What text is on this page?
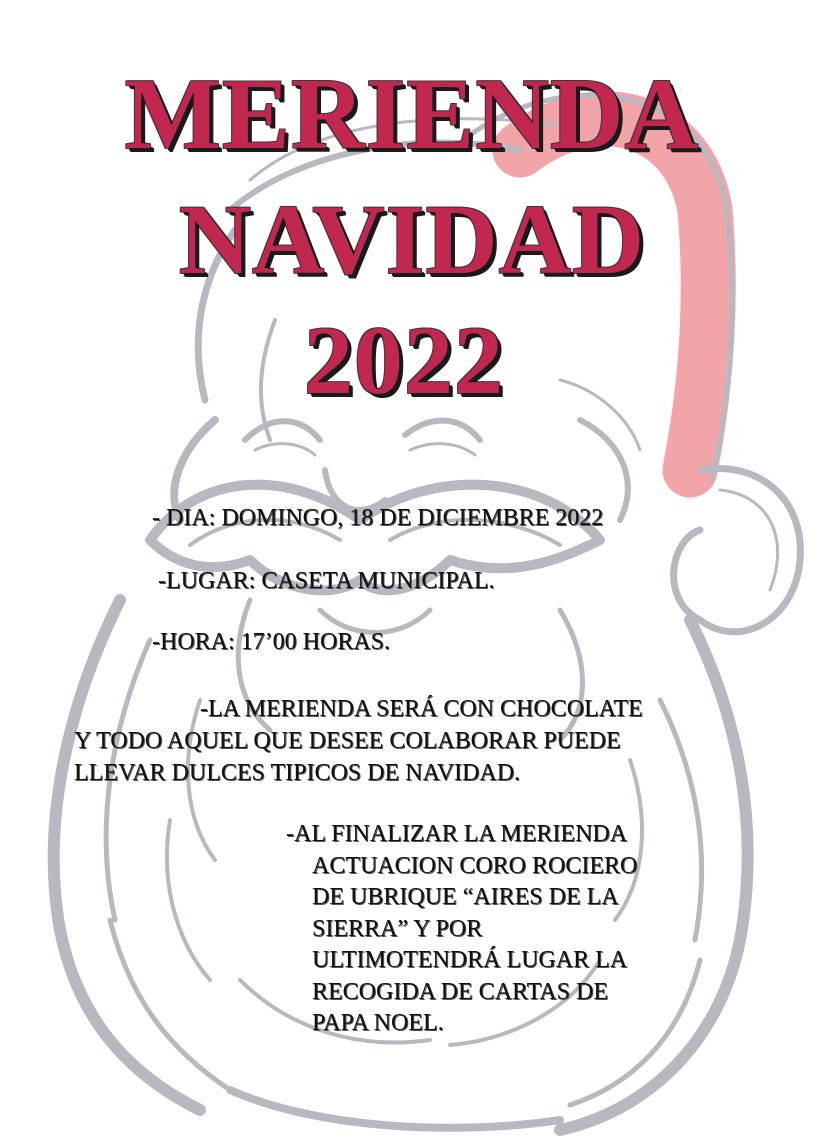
MERIENDA
NAVIDAD
2022
- DIA: DOMINGO, 18 DE DICIEMBRE 2022
-LUGAR: CASETA MUNICIPAL.
-HORA: 17’00 HORAS.
-LA MERIENDA SERÁ CON CHOCOLATE
Y TODO AQUEL QUE DESEE COLABORAR PUEDE
LLEVAR DULCES TIPICOS DE NAVIDAD.
-AL FINALIZAR LA MERIENDA
ACTUACION CORO ROCIERO
DE UBRIQUE “AIRES DE LA
SIERRA” Y POR
ULTIMOTENDRÁ LUGAR LA
RECOGIDA DE CARTAS DE
PAPA NOEL.
